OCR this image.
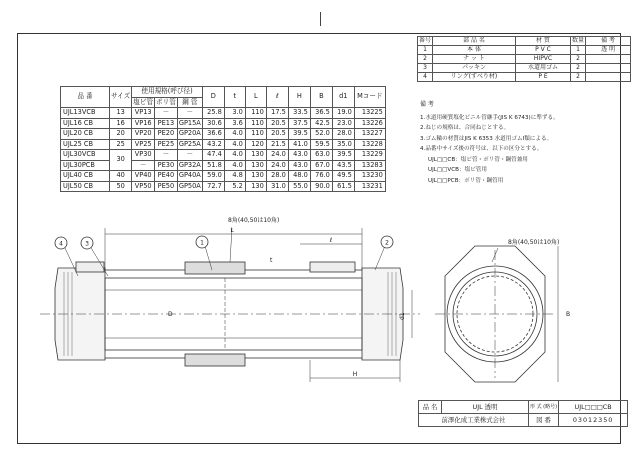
番号	部 品 名	材 質	数量	備 考
1	本 体	P V C	1	透 明
2	ナ ッ ト	HIPVC	2	
3	パッキン	水道用ゴム	2	
4	リング(すべり材)	P E	2	
品 番	サイズ	使用規格(呼び径)			D	t	L	ℓ	H	B	d1	Mコード
		塩ビ管	ポリ管	鋼 管								
UJL13VCB	13	VP13	－	－	25.8	3.0	110	17.5	33.5	36.5	19.0	13225
UJL16 CB	16	VP16	PE13	GP15A	30.6	3.6	110	20.5	37.5	42.5	23.0	13226
UJL20 CB	20	VP20	PE20	GP20A	36.6	4.0	110	20.5	39.5	52.0	28.0	13227
UJL25 CB	25	VP25	PE25	GP25A	43.2	4.0	120	21.5	41.0	59.5	35.0	13228
UJL30VCB	30	VP30	－	－	47.4	4.0	130	24.0	43.0	63.0	39.5	13229
UJL30PCB		－	PE30	GP32A	51.8	4.0	130	24.0	43.0	67.0	43.5	13283
UJL40 CB	40	VP40	PE40	GP40A	59.0	4.8	130	28.0	48.0	76.0	49.5	13230
UJL50 CB	50	VP50	PE50	GP50A	72.7	5.2	130	31.0	55.0	90.0	61.5	13231
備 考
1.水道用硬質塩化ビニル管継手(JIS K 6743)に準ずる。
2.ねじの規格は、合同ねじとする。
3.ゴム輪の材質はJIS K 6353 水道用ゴムI類による。
4.品番中サイズ後の符号は、以下の区分とする。
UJL□□CB：塩ビ管・ポリ管・鋼管兼用
UJL□□VCB：塩ビ管用
UJL□□PCB：ポリ管・鋼管用
4	3	1	2
L
ℓ
t
D	d1
H
B
8角(40,50は10角)
8角(40,50は10角)
品 名	UJL 透明	形 式 (略号)	UJL□□□CB
前澤化成工業株式会社		図 番	03012350
